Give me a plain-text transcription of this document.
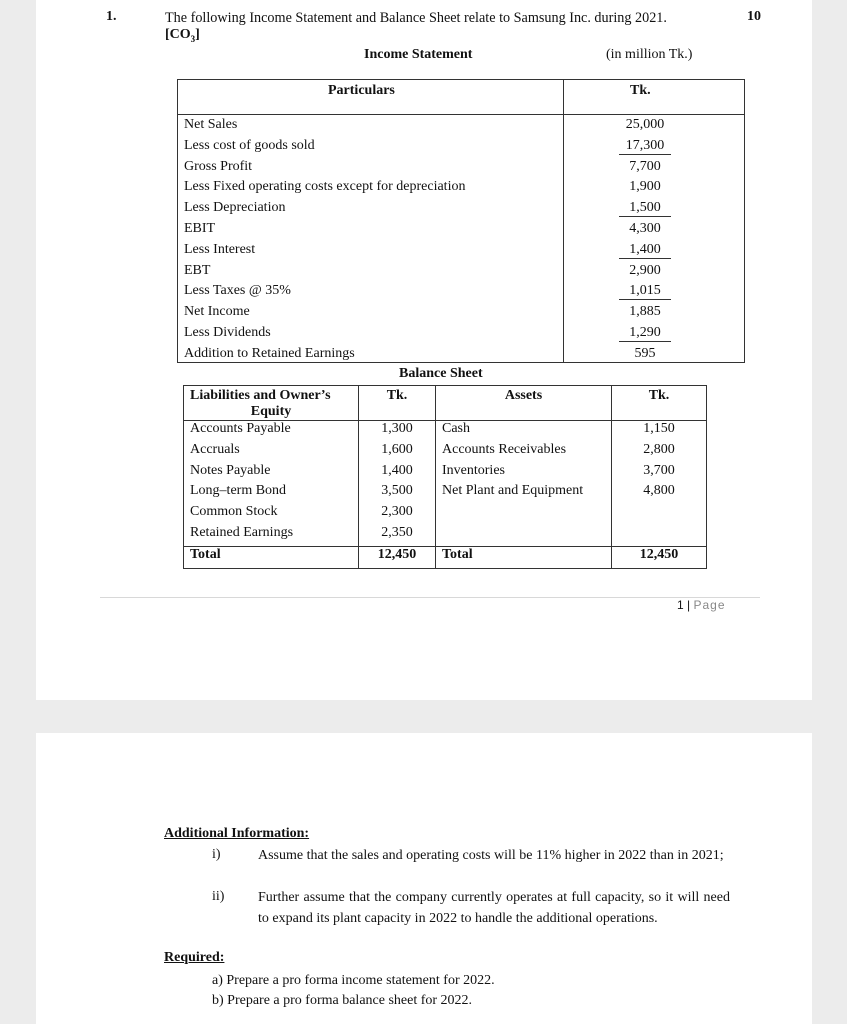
1.	The following Income Statement and Balance Sheet relate to Samsung Inc. during 2021.	10
$[CO_3]$
Income Statement	(in million Tk.)
Particulars	Tk.
Net Sales	25,000
Less cost of goods sold	17,300
Gross Profit	7,700
Less Fixed operating costs except for depreciation	1,900
Less Depreciation	1,500
EBIT	4,300
Less Interest	1,400
EBT	2,900
Less Taxes @ 35%	1,015
Net Income	1,885
Less Dividends	1,290
Addition to Retained Earnings	595
Balance Sheet
Liabilities and Owner’s
Equity	Tk.	Assets	Tk.
Accounts Payable	1,300	Cash	1,150
Accruals	1,600	Accounts Receivables	2,800
Notes Payable	1,400	Inventories	3,700
Long–term Bond	3,500	Net Plant and Equipment	4,800
Common Stock	2,300		
Retained Earnings	2,350		
Total	12,450	Total	12,450
1 | Page
Additional Information:
i)	Assume that the sales and operating costs will be 11% higher in 2022 than in 2021;
ii) Further assume that the company currently operates at full capacity, so it will need to expand its plant capacity in 2022 to handle the additional operations.
Required:
a) Prepare a pro forma income statement for 2022.
b) Prepare a pro forma balance sheet for 2022.
